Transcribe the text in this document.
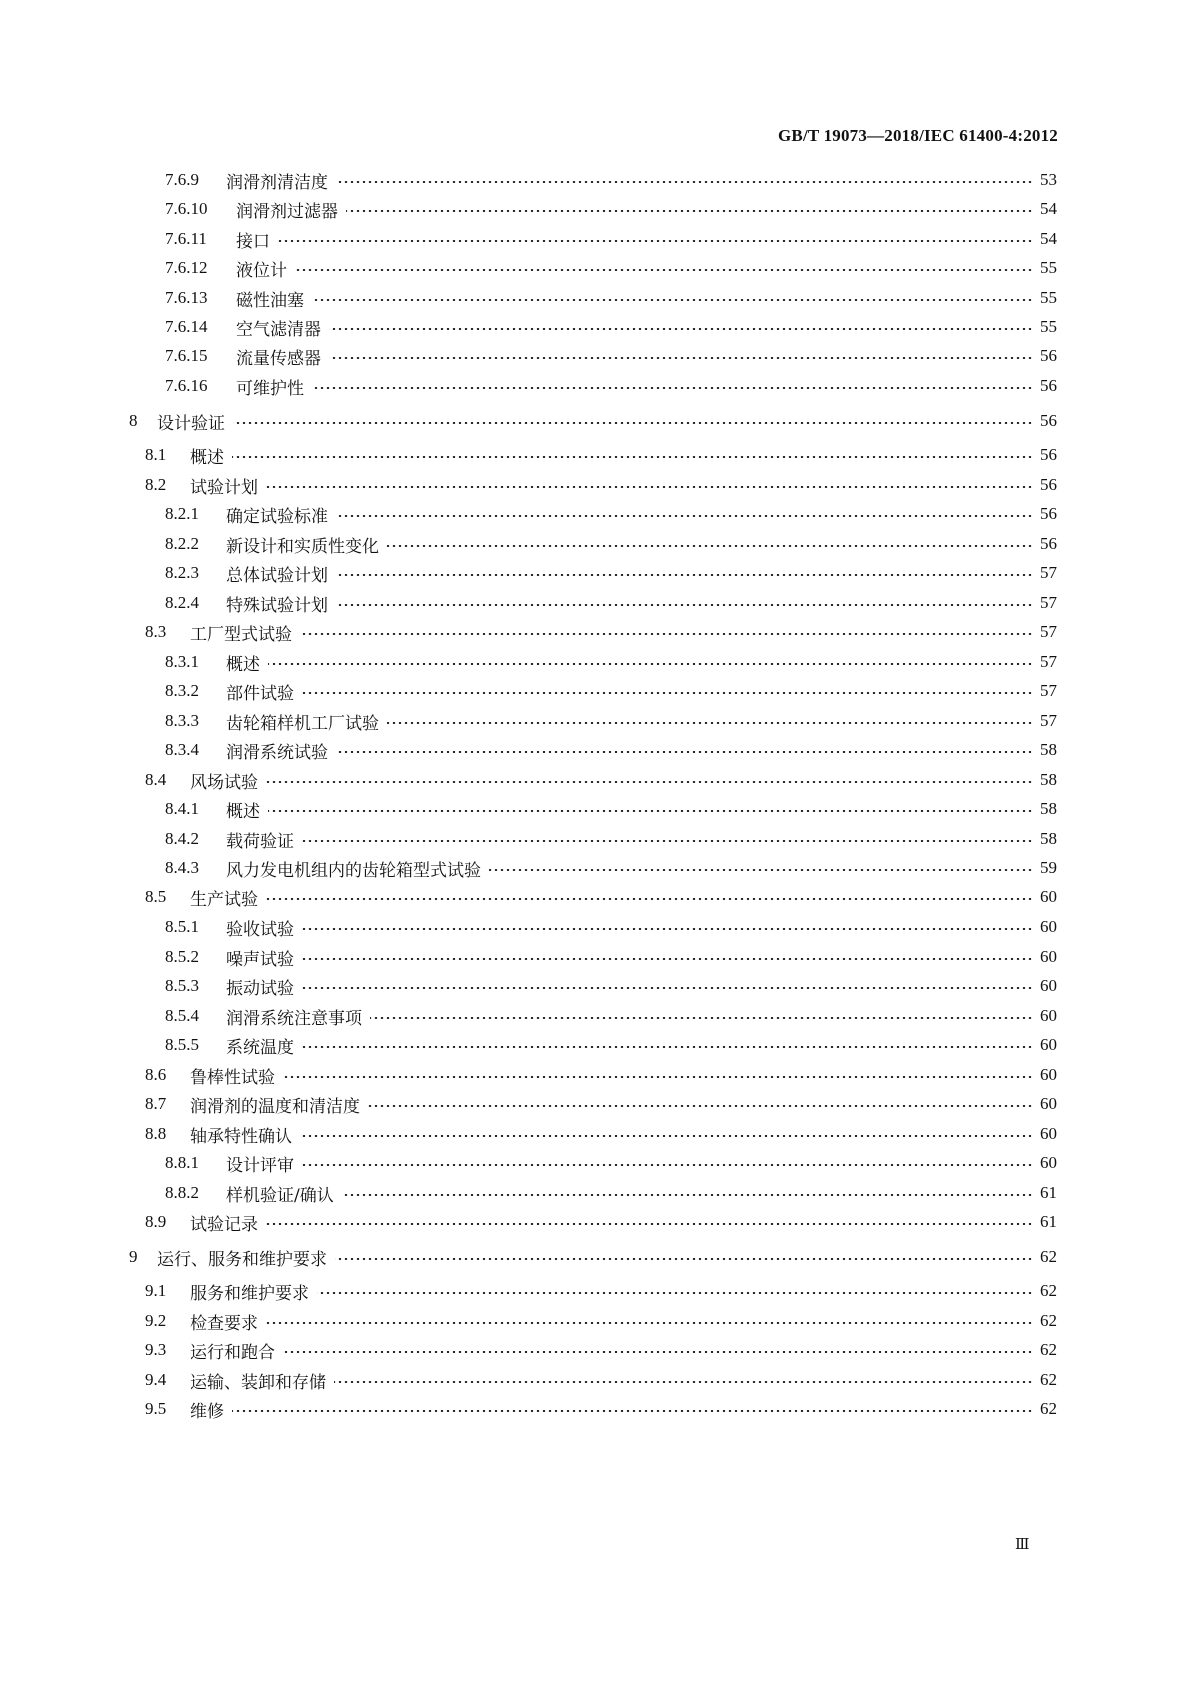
GB/T 19073—2018/IEC 61400-4:2012
7.6.9 润滑剂清洁度	53
7.6.10 润滑剂过滤器	54
7.6.11 接口	54
7.6.12 液位计	55
7.6.13 磁性油塞	55
7.6.14 空气滤清器	55
7.6.15 流量传感器	56
7.6.16 可维护性	56
8 设计验证	56
8.1 概述	56
8.2 试验计划	56
8.2.1 确定试验标准	56
8.2.2 新设计和实质性变化	56
8.2.3 总体试验计划	57
8.2.4 特殊试验计划	57
8.3 工厂型式试验	57
8.3.1 概述	57
8.3.2 部件试验	57
8.3.3 齿轮箱样机工厂试验	57
8.3.4 润滑系统试验	58
8.4 风场试验	58
8.4.1 概述	58
8.4.2 载荷验证	58
8.4.3 风力发电机组内的齿轮箱型式试验	59
8.5 生产试验	60
8.5.1 验收试验	60
8.5.2 噪声试验	60
8.5.3 振动试验	60
8.5.4 润滑系统注意事项	60
8.5.5 系统温度	60
8.6 鲁棒性试验	60
8.7 润滑剂的温度和清洁度	60
8.8 轴承特性确认	60
8.8.1 设计评审	60
8.8.2 样机验证/确认	61
8.9 试验记录	61
9 运行、服务和维护要求	62
9.1 服务和维护要求	62
9.2 检查要求	62
9.3 运行和跑合	62
9.4 运输、装卸和存储	62
9.5 维修	62
Ⅲ
